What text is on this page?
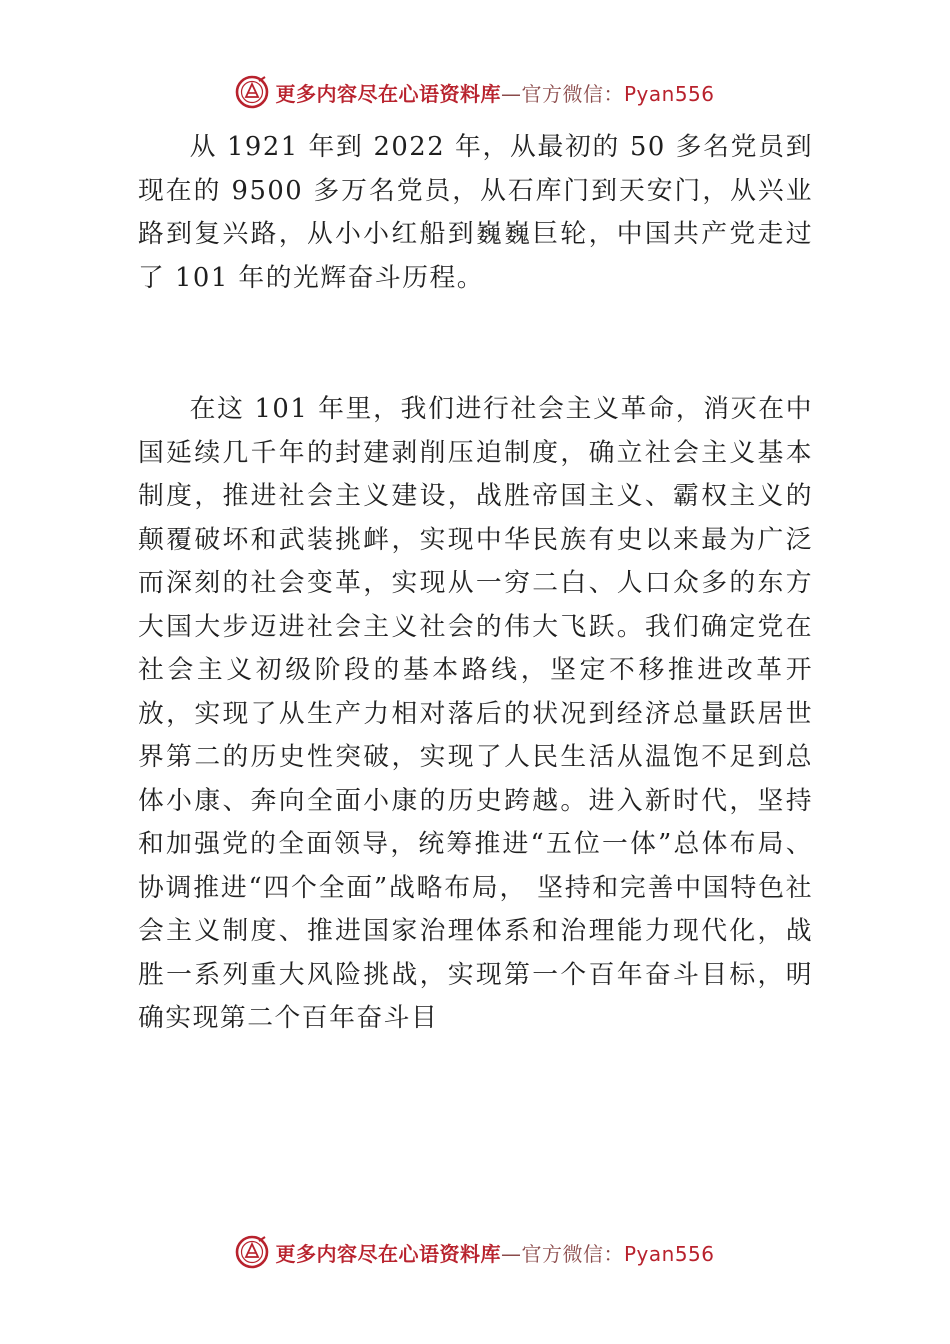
更多内容尽在心语资料库—官方微信：Pyan556

从 1921 年到 2022 年，从最初的 50 多名党员到现在的 9500 多万名党员，从石库门到天安门，从兴业路到复兴路，从小小红船到巍巍巨轮，中国共产党走过了 101 年的光辉奋斗历程。

在这 101 年里，我们进行社会主义革命，消灭在中国延续几千年的封建剥削压迫制度，确立社会主义基本制度，推进社会主义建设，战胜帝国主义、霸权主义的颠覆破坏和武装挑衅，实现中华民族有史以来最为广泛而深刻的社会变革，实现从一穷二白、人口众多的东方大国大步迈进社会主义社会的伟大飞跃。我们确定党在社会主义初级阶段的基本路线，坚定不移推进改革开放，实现了从生产力相对落后的状况到经济总量跃居世界第二的历史性突破，实现了人民生活从温饱不足到总体小康、奔向全面小康的历史跨越。进入新时代，坚持和加强党的全面领导，统筹推进“五位一体”总体布局、协调推进“四个全面”战略布局， 坚持和完善中国特色社会主义制度、推进国家治理体系和治理能力现代化，战胜一系列重大风险挑战，实现第一个百年奋斗目标，明确实现第二个百年奋斗目

更多内容尽在心语资料库—官方微信：Pyan556
